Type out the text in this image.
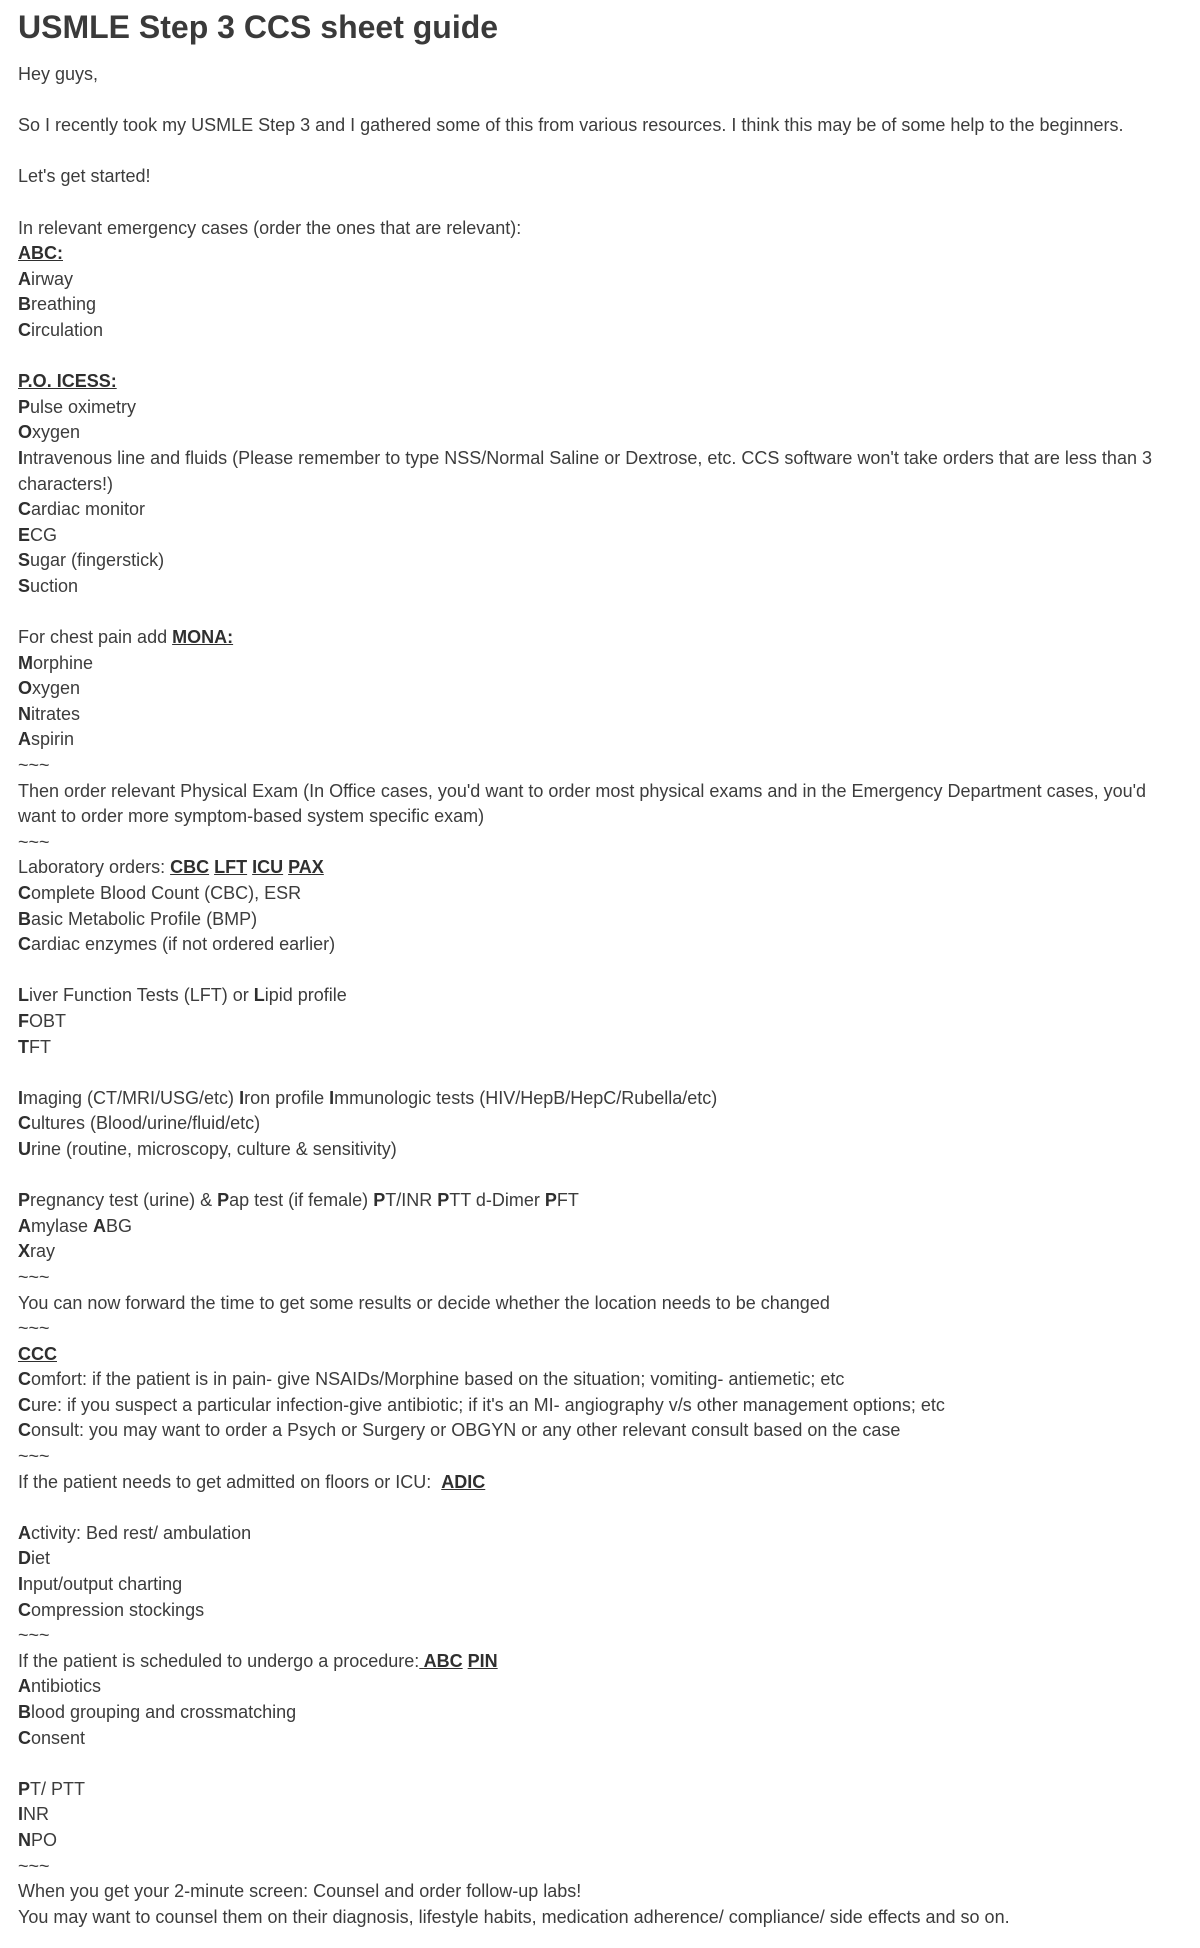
USMLE Step 3 CCS sheet guide
Hey guys,
So I recently took my USMLE Step 3 and I gathered some of this from various resources. I think this may be of some help to the beginners.
Let's get started!
In relevant emergency cases (order the ones that are relevant):
ABC:
Airway
Breathing
Circulation
P.O. ICESS:
Pulse oximetry
Oxygen
Intravenous line and fluids (Please remember to type NSS/Normal Saline or Dextrose, etc. CCS software won't take orders that are less than 3 characters!)
Cardiac monitor
ECG
Sugar (fingerstick)
Suction
For chest pain add MONA:
Morphine
Oxygen
Nitrates
Aspirin
~~~
Then order relevant Physical Exam (In Office cases, you'd want to order most physical exams and in the Emergency Department cases, you'd want to order more symptom-based system specific exam)
~~~
Laboratory orders: CBC LFT ICU PAX
Complete Blood Count (CBC), ESR
Basic Metabolic Profile (BMP)
Cardiac enzymes (if not ordered earlier)
Liver Function Tests (LFT) or Lipid profile
FOBT
TFT
Imaging (CT/MRI/USG/etc) Iron profile Immunologic tests (HIV/HepB/HepC/Rubella/etc)
Cultures (Blood/urine/fluid/etc)
Urine (routine, microscopy, culture & sensitivity)
Pregnancy test (urine) & Pap test (if female) PT/INR PTT d-Dimer PFT
Amylase ABG
Xray
~~~
You can now forward the time to get some results or decide whether the location needs to be changed
~~~
CCC
Comfort: if the patient is in pain- give NSAIDs/Morphine based on the situation; vomiting- antiemetic; etc
Cure: if you suspect a particular infection-give antibiotic; if it's an MI- angiography v/s other management options; etc
Consult: you may want to order a Psych or Surgery or OBGYN or any other relevant consult based on the case
~~~
If the patient needs to get admitted on floors or ICU:  ADIC
Activity: Bed rest/ ambulation
Diet
Input/output charting
Compression stockings
~~~
If the patient is scheduled to undergo a procedure: ABC PIN
Antibiotics
Blood grouping and crossmatching
Consent
PT/ PTT
INR
NPO
~~~
When you get your 2-minute screen: Counsel and order follow-up labs!
You may want to counsel them on their diagnosis, lifestyle habits, medication adherence/ compliance/ side effects and so on.
